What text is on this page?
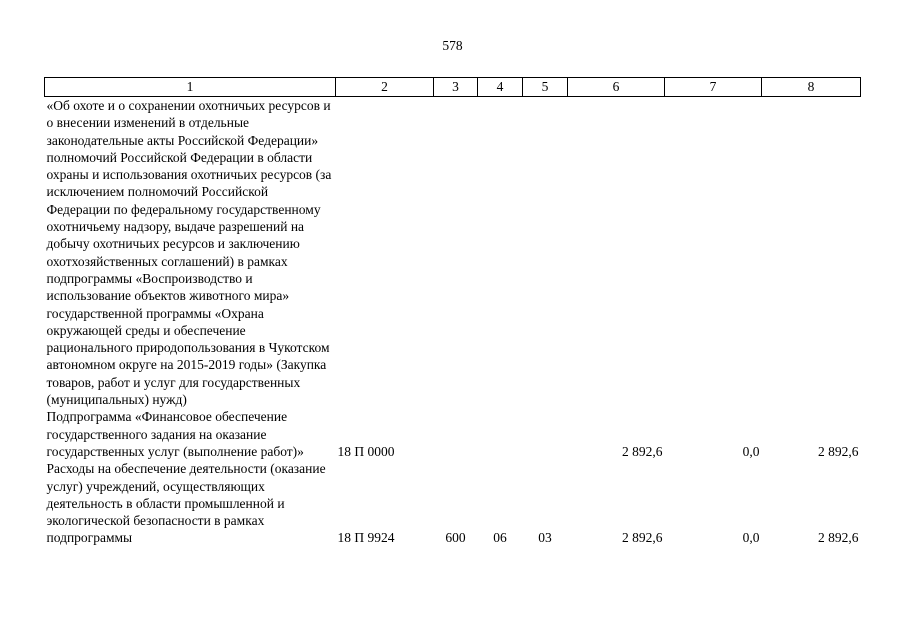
578
1	2	3	4	5	6	7	8
«Об охоте и о сохранении охотничьих ресурсов и о внесении изменений в отдельные законодательные акты Российской Федерации» полномочий Российской Федерации в области охраны и использования охотничьих ресурсов (за исключением полномочий Российской Федерации по федеральному государственному охотничьему надзору, выдаче разрешений на добычу охотничьих ресурсов и заключению охотхозяйственных соглашений) в рамках подпрограммы «Воспроизводство и использование объектов животного мира» государственной программы «Охрана окружающей среды и обеспечение рационального природопользования в Чукотском автономном округе на 2015-2019 годы» (Закупка товаров, работ и услуг для государственных (муниципальных) нужд)							
Подпрограмма «Финансовое обеспечение государственного задания на оказание государственных услуг (выполнение работ)»	18 П 0000				2 892,6	0,0	2 892,6
Расходы на обеспечение деятельности (оказание услуг) учреждений, осуществляющих деятельность в области промышленной и экологической безопасности в рамках подпрограммы	18 П 9924	600	06	03	2 892,6	0,0	2 892,6
